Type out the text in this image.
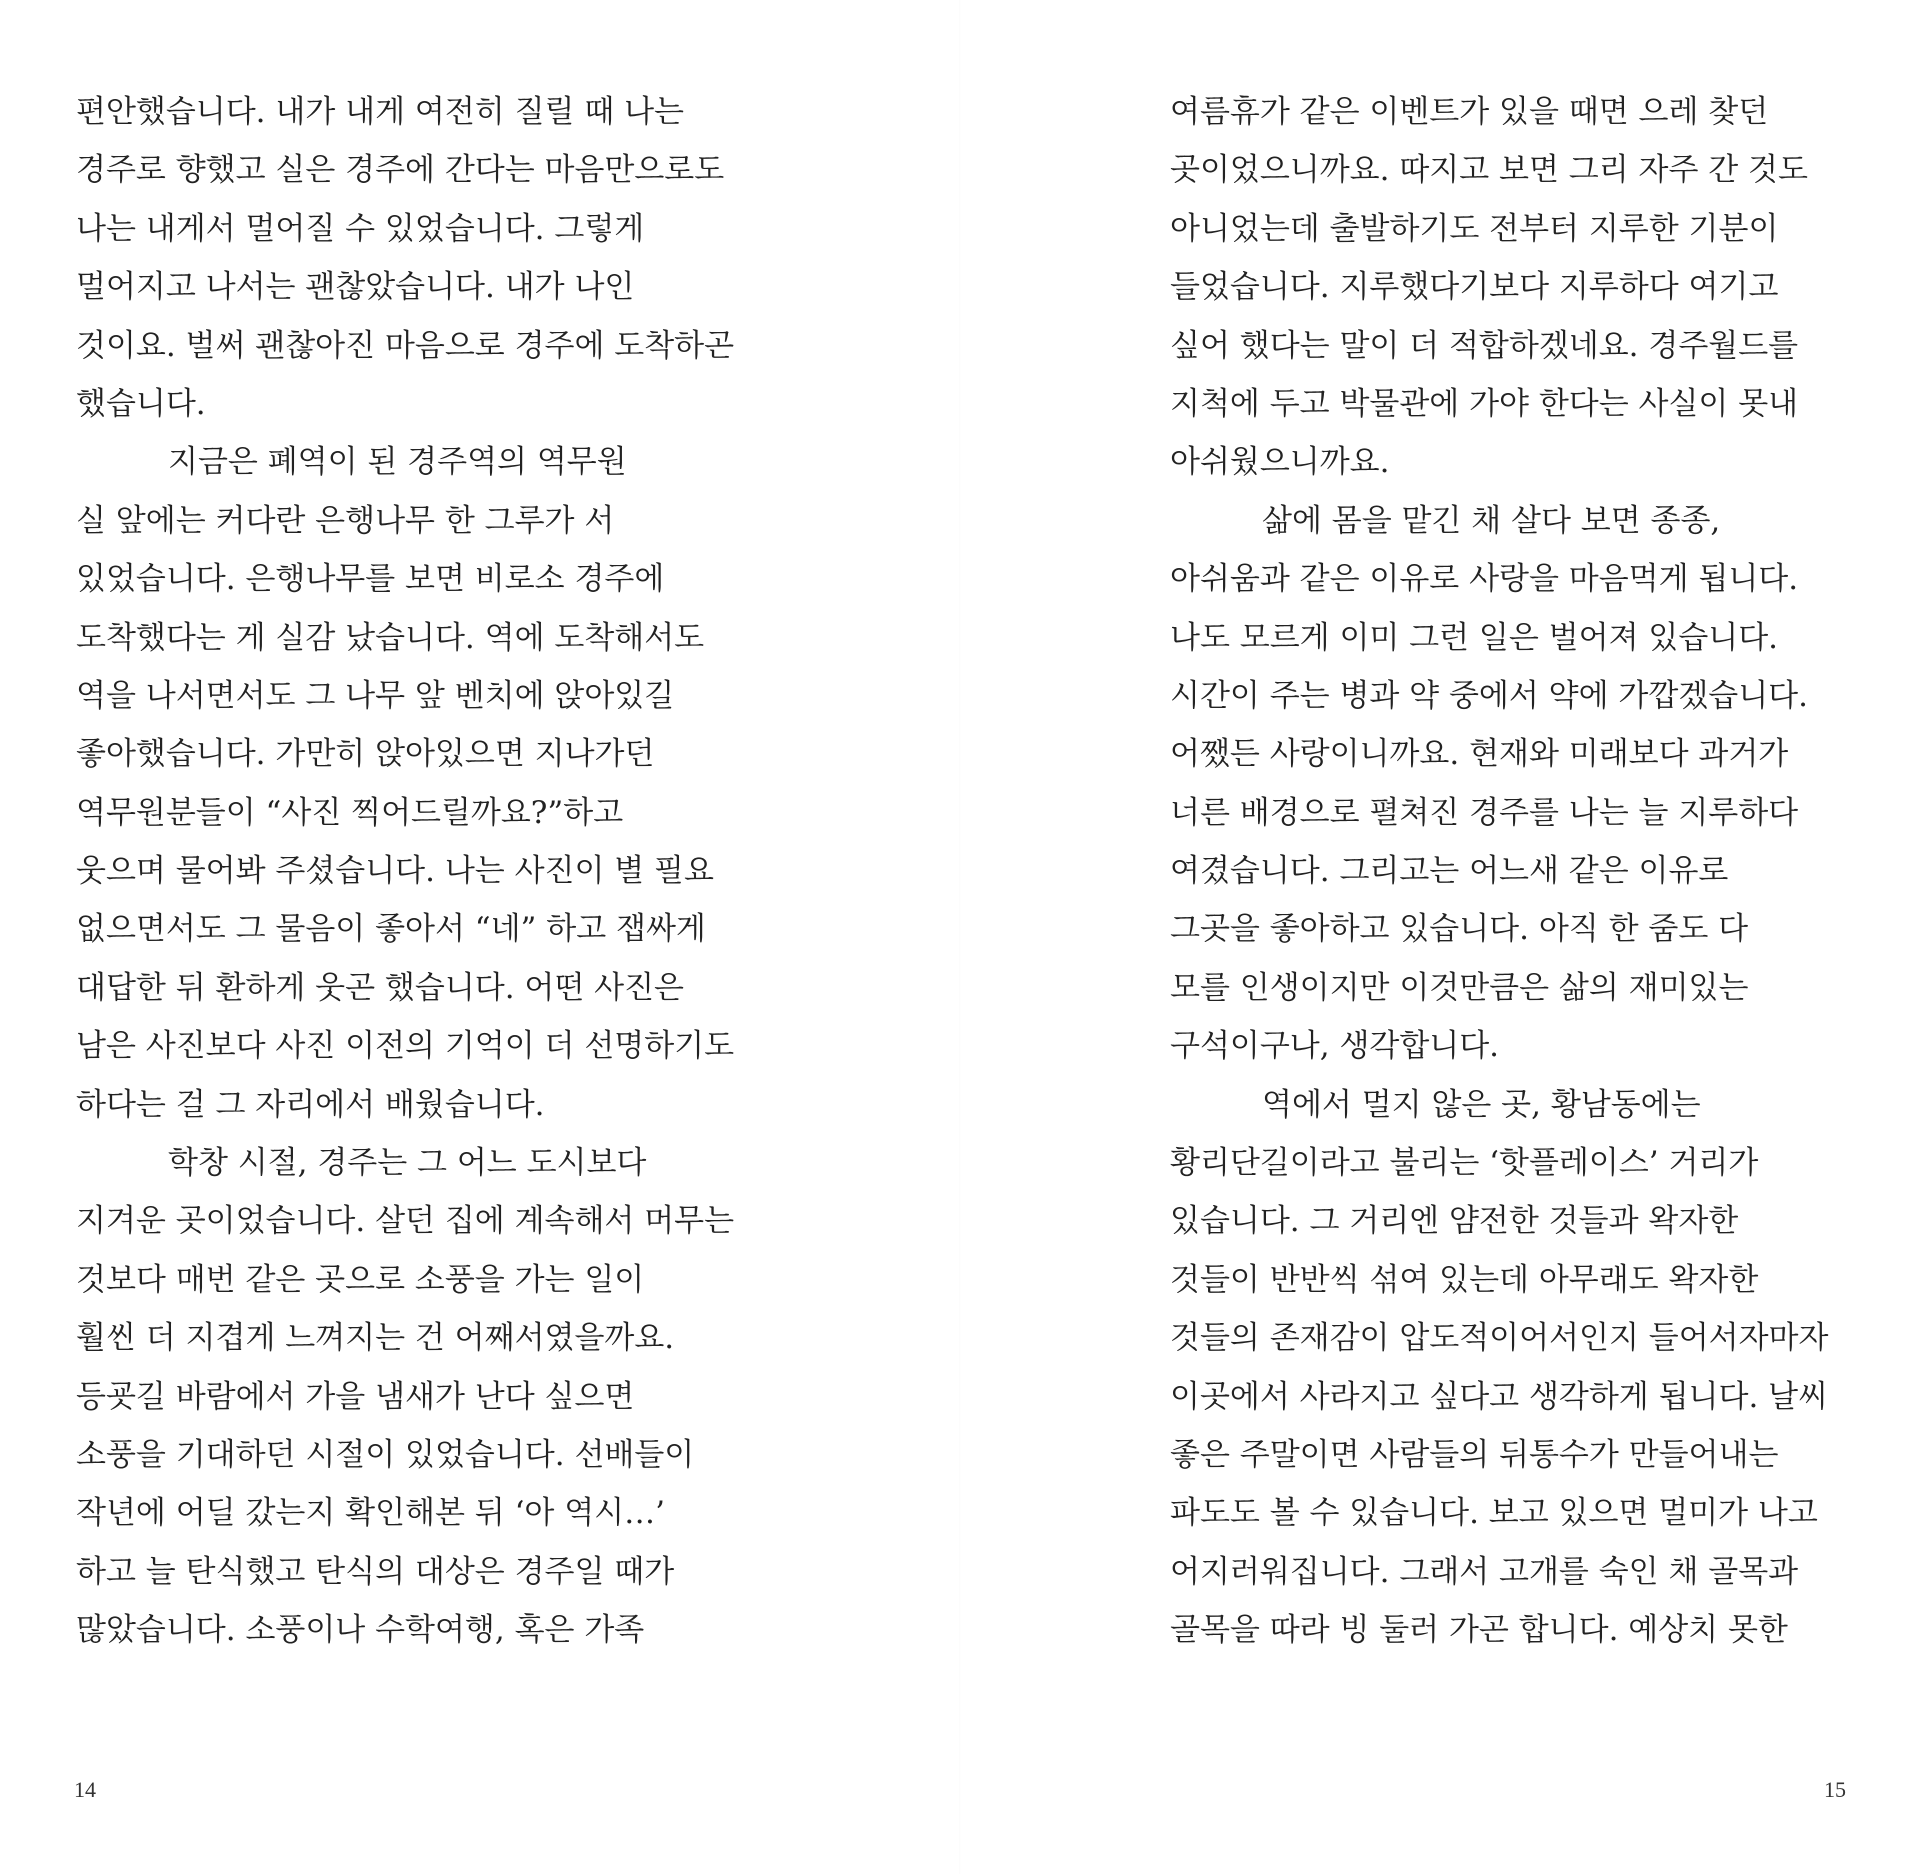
편안했습니다. 내가 내게 여전히 질릴 때 나는
경주로 향했고 실은 경주에 간다는 마음만으로도
나는 내게서 멀어질 수 있었습니다. 그렇게
멀어지고 나서는 괜찮았습니다. 내가 나인
것이요. 벌써 괜찮아진 마음으로 경주에 도착하곤
했습니다.
지금은 폐역이 된 경주역의 역무원
실 앞에는 커다란 은행나무 한 그루가 서
있었습니다. 은행나무를 보면 비로소 경주에
도착했다는 게 실감 났습니다. 역에 도착해서도
역을 나서면서도 그 나무 앞 벤치에 앉아있길
좋아했습니다. 가만히 앉아있으면 지나가던
역무원분들이 “사진 찍어드릴까요?”하고
웃으며 물어봐 주셨습니다. 나는 사진이 별 필요
없으면서도 그 물음이 좋아서 “네” 하고 잽싸게
대답한 뒤 환하게 웃곤 했습니다. 어떤 사진은
남은 사진보다 사진 이전의 기억이 더 선명하기도
하다는 걸 그 자리에서 배웠습니다.
학창 시절, 경주는 그 어느 도시보다
지겨운 곳이었습니다. 살던 집에 계속해서 머무는
것보다 매번 같은 곳으로 소풍을 가는 일이
훨씬 더 지겹게 느껴지는 건 어째서였을까요.
등굣길 바람에서 가을 냄새가 난다 싶으면
소풍을 기대하던 시절이 있었습니다. 선배들이
작년에 어딜 갔는지 확인해본 뒤 ‘아 역시…’
하고 늘 탄식했고 탄식의 대상은 경주일 때가
많았습니다. 소풍이나 수학여행, 혹은 가족
14
여름휴가 같은 이벤트가 있을 때면 으레 찾던
곳이었으니까요. 따지고 보면 그리 자주 간 것도
아니었는데 출발하기도 전부터 지루한 기분이
들었습니다. 지루했다기보다 지루하다 여기고
싶어 했다는 말이 더 적합하겠네요. 경주월드를
지척에 두고 박물관에 가야 한다는 사실이 못내
아쉬웠으니까요.
삶에 몸을 맡긴 채 살다 보면 종종,
아쉬움과 같은 이유로 사랑을 마음먹게 됩니다.
나도 모르게 이미 그런 일은 벌어져 있습니다.
시간이 주는 병과 약 중에서 약에 가깝겠습니다.
어쨌든 사랑이니까요. 현재와 미래보다 과거가
너른 배경으로 펼쳐진 경주를 나는 늘 지루하다
여겼습니다. 그리고는 어느새 같은 이유로
그곳을 좋아하고 있습니다. 아직 한 줌도 다
모를 인생이지만 이것만큼은 삶의 재미있는
구석이구나, 생각합니다.
역에서 멀지 않은 곳, 황남동에는
황리단길이라고 불리는 ‘핫플레이스’ 거리가
있습니다. 그 거리엔 얌전한 것들과 왁자한
것들이 반반씩 섞여 있는데 아무래도 왁자한
것들의 존재감이 압도적이어서인지 들어서자마자
이곳에서 사라지고 싶다고 생각하게 됩니다. 날씨
좋은 주말이면 사람들의 뒤통수가 만들어내는
파도도 볼 수 있습니다. 보고 있으면 멀미가 나고
어지러워집니다. 그래서 고개를 숙인 채 골목과
골목을 따라 빙 둘러 가곤 합니다. 예상치 못한
15
